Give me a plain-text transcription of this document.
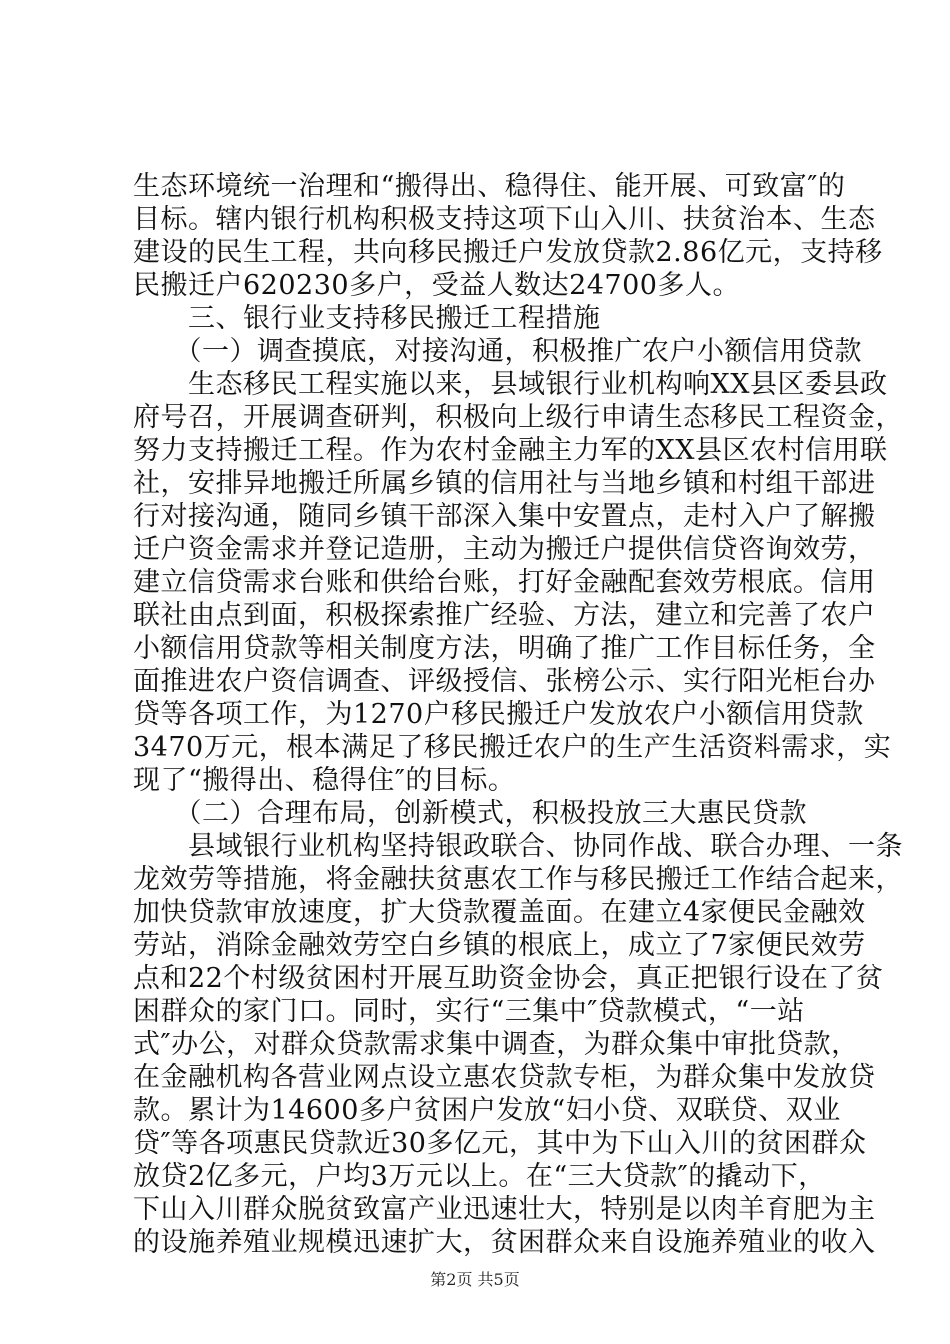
生态环境统一治理和“搬得出、稳得住、能开展、可致富″的
目标。辖内银行机构积极支持这项下山入川、扶贫治本、生态
建设的民生工程，共向移民搬迁户发放贷款2.86亿元，支持移
民搬迁户620230多户，受益人数达24700多人。
　　三、银行业支持移民搬迁工程措施
　　（一）调查摸底，对接沟通，积极推广农户小额信用贷款
　　生态移民工程实施以来，县域银行业机构响XX县区委县政
府号召，开展调查研判，积极向上级行申请生态移民工程资金，
努力支持搬迁工程。作为农村金融主力军的XX县区农村信用联
社，安排异地搬迁所属乡镇的信用社与当地乡镇和村组干部进
行对接沟通，随同乡镇干部深入集中安置点，走村入户了解搬
迁户资金需求并登记造册，主动为搬迁户提供信贷咨询效劳，
建立信贷需求台账和供给台账，打好金融配套效劳根底。信用
联社由点到面，积极探索推广经验、方法，建立和完善了农户
小额信用贷款等相关制度方法，明确了推广工作目标任务，全
面推进农户资信调查、评级授信、张榜公示、实行阳光柜台办
贷等各项工作，为1270户移民搬迁户发放农户小额信用贷款
3470万元，根本满足了移民搬迁农户的生产生活资料需求，实
现了“搬得出、稳得住″的目标。
　　（二）合理布局，创新模式，积极投放三大惠民贷款
　　县域银行业机构坚持银政联合、协同作战、联合办理、一条
龙效劳等措施，将金融扶贫惠农工作与移民搬迁工作结合起来，
加快贷款审放速度，扩大贷款覆盖面。在建立4家便民金融效
劳站，消除金融效劳空白乡镇的根底上，成立了7家便民效劳
点和22个村级贫困村开展互助资金协会，真正把银行设在了贫
困群众的家门口。同时，实行“三集中″贷款模式，“一站
式″办公，对群众贷款需求集中调查，为群众集中审批贷款，
在金融机构各营业网点设立惠农贷款专柜，为群众集中发放贷
款。累计为14600多户贫困户发放“妇小贷、双联贷、双业
贷″等各项惠民贷款近30多亿元，其中为下山入川的贫困群众
放贷2亿多元，户均3万元以上。在“三大贷款″的撬动下，
下山入川群众脱贫致富产业迅速壮大，特别是以肉羊育肥为主
的设施养殖业规模迅速扩大，贫困群众来自设施养殖业的收入
第2页 共5页
